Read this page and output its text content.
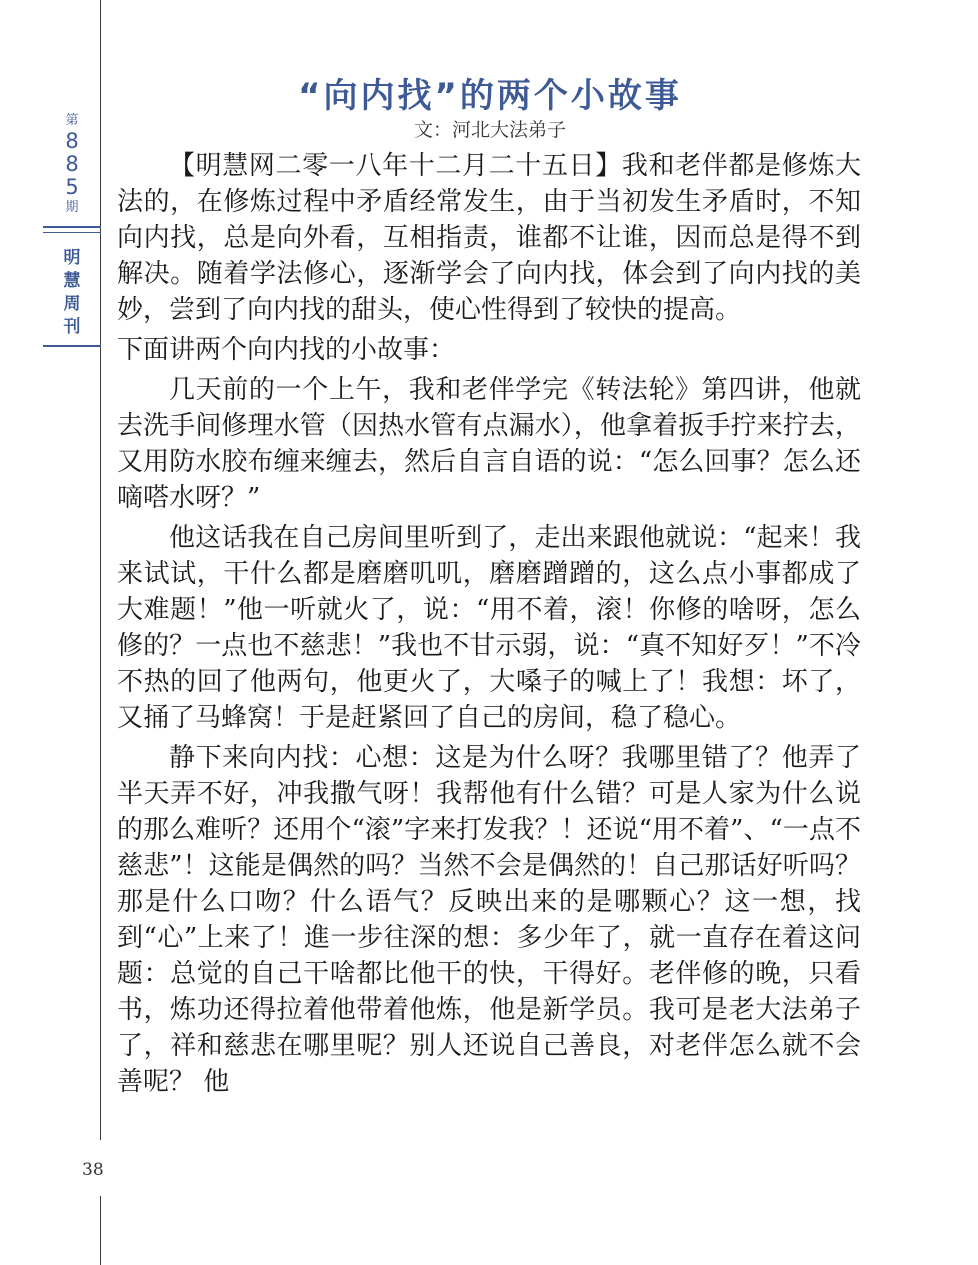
第
8
8
5
期
明
慧
周
刊
“向内找”的两个小故事
文：河北大法弟子

【明慧网二零一八年十二月二十五日】我和老伴都是修炼大法的，在修炼过程中矛盾经常发生，由于当初发生矛盾时，不知向内找，总是向外看，互相指责，谁都不让谁，因而总是得不到解决。随着学法修心，逐渐学会了向内找，体会到了向内找的美妙，尝到了向内找的甜头，使心性得到了较快的提高。

下面讲两个向内找的小故事：

几天前的一个上午，我和老伴学完《转法轮》第四讲，他就去洗手间修理水管（因热水管有点漏水），他拿着扳手拧来拧去，又用防水胶布缠来缠去，然后自言自语的说：“怎么回事？怎么还嘀嗒水呀？”

他这话我在自己房间里听到了，走出来跟他就说：“起来！我来试试，干什么都是磨磨叽叽，磨磨蹭蹭的，这么点小事都成了大难题！”他一听就火了，说：“用不着，滚！你修的啥呀，怎么修的？一点也不慈悲！”我也不甘示弱，说：“真不知好歹！”不冷不热的回了他两句，他更火了，大嗓子的喊上了！我想：坏了，又捅了马蜂窝！于是赶紧回了自己的房间，稳了稳心。

静下来向内找：心想：这是为什么呀？我哪里错了？他弄了半天弄不好，冲我撒气呀！我帮他有什么错？可是人家为什么说的那么难听？还用个“滚”字来打发我？！还说“用不着”、“一点不慈悲”！这能是偶然的吗？当然不会是偶然的！自己那话好听吗？那是什么口吻？什么语气？反映出来的是哪颗心？这一想，找到“心”上来了！進一步往深的想：多少年了，就一直存在着这问题：总觉的自己干啥都比他干的快，干得好。老伴修的晚，只看书，炼功还得拉着他带着他炼，他是新学员。我可是老大法弟子了，祥和慈悲在哪里呢？别人还说自己善良，对老伴怎么就不会善呢？ 他

38
